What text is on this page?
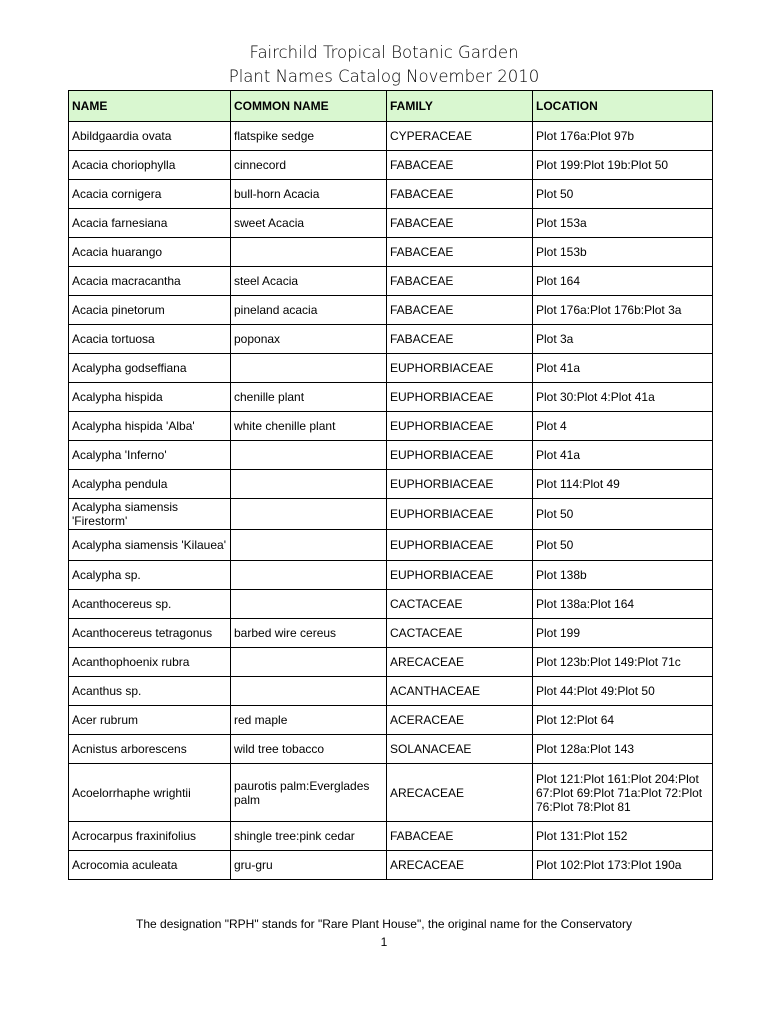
Fairchild Tropical Botanic Garden
Plant Names Catalog November 2010
NAME	COMMON NAME	FAMILY	LOCATION
Abildgaardia ovata	flatspike sedge	CYPERACEAE	Plot 176a:Plot 97b
Acacia choriophylla	cinnecord	FABACEAE	Plot 199:Plot 19b:Plot 50
Acacia cornigera	bull-horn Acacia	FABACEAE	Plot 50
Acacia farnesiana	sweet Acacia	FABACEAE	Plot 153a
Acacia huarango		FABACEAE	Plot 153b
Acacia macracantha	steel Acacia	FABACEAE	Plot 164
Acacia pinetorum	pineland acacia	FABACEAE	Plot 176a:Plot 176b:Plot 3a
Acacia tortuosa	poponax	FABACEAE	Plot 3a
Acalypha godseffiana		EUPHORBIACEAE	Plot 41a
Acalypha hispida	chenille plant	EUPHORBIACEAE	Plot 30:Plot 4:Plot 41a
Acalypha hispida 'Alba'	white chenille plant	EUPHORBIACEAE	Plot 4
Acalypha 'Inferno'		EUPHORBIACEAE	Plot 41a
Acalypha pendula		EUPHORBIACEAE	Plot 114:Plot 49
Acalypha siamensis 'Firestorm'		EUPHORBIACEAE	Plot 50
Acalypha siamensis 'Kilauea'		EUPHORBIACEAE	Plot 50
Acalypha sp.		EUPHORBIACEAE	Plot 138b
Acanthocereus sp.		CACTACEAE	Plot 138a:Plot 164
Acanthocereus tetragonus	barbed wire cereus	CACTACEAE	Plot 199
Acanthophoenix rubra		ARECACEAE	Plot 123b:Plot 149:Plot 71c
Acanthus sp.		ACANTHACEAE	Plot 44:Plot 49:Plot 50
Acer rubrum	red maple	ACERACEAE	Plot 12:Plot 64
Acnistus arborescens	wild tree tobacco	SOLANACEAE	Plot 128a:Plot 143
Acoelorrhaphe wrightii	paurotis palm:Everglades palm	ARECACEAE	Plot 121:Plot 161:Plot 204:Plot 67:Plot 69:Plot 71a:Plot 72:Plot 76:Plot 78:Plot 81
Acrocarpus fraxinifolius	shingle tree:pink cedar	FABACEAE	Plot 131:Plot 152
Acrocomia aculeata	gru-gru	ARECACEAE	Plot 102:Plot 173:Plot 190a
The designation "RPH" stands for "Rare Plant House", the original name for the Conservatory
1
